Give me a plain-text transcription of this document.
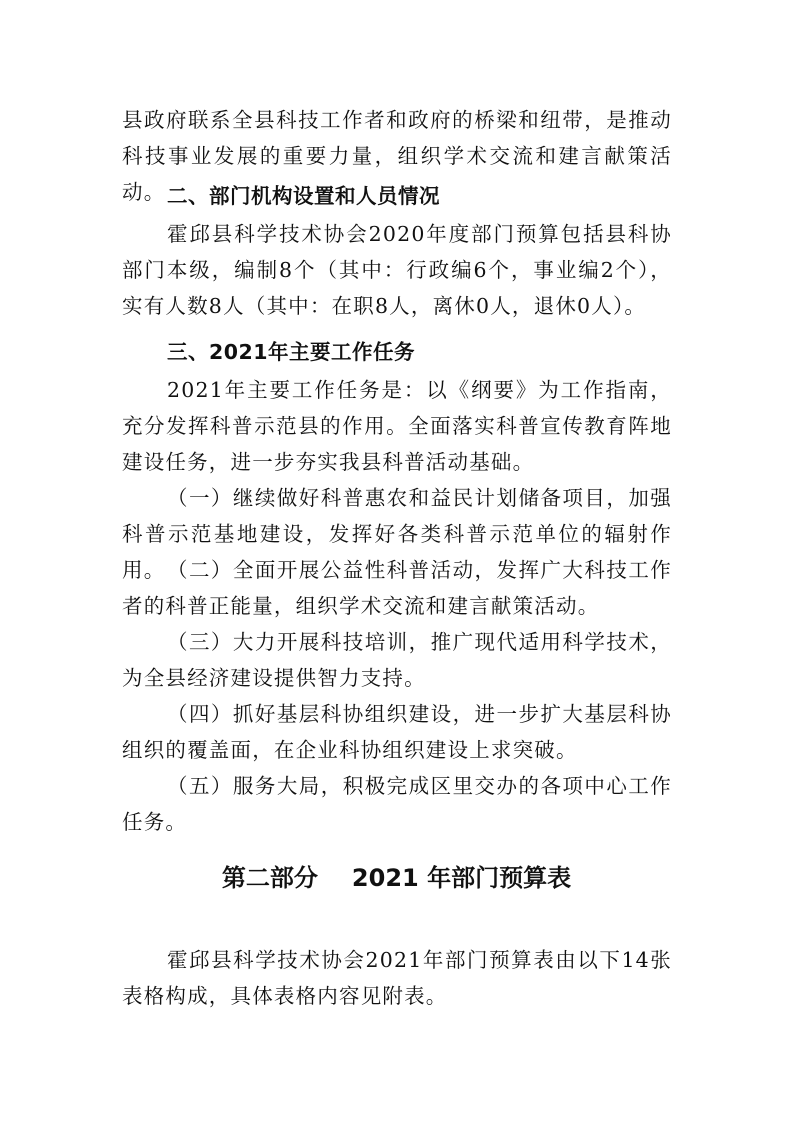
县政府联系全县科技工作者和政府的桥梁和纽带，是推动科技事业发展的重要力量，组织学术交流和建言献策活动。 二、部门机构设置和人员情况

霍邱县科学技术协会2020年度部门预算包括县科协部门本级，编制8个（其中：行政编6个，事业编2个），实有人数8人（其中：在职8人，离休0人，退休0人）。

三、2021年主要工作任务

2021年主要工作任务是：以《纲要》为工作指南，充分发挥科普示范县的作用。全面落实科普宣传教育阵地建设任务，进一步夯实我县科普活动基础。

（一）继续做好科普惠农和益民计划储备项目，加强科普示范基地建设，发挥好各类科普示范单位的辐射作用。 （二）全面开展公益性科普活动，发挥广大科技工作者的科普正能量，组织学术交流和建言献策活动。

（三）大力开展科技培训，推广现代适用科学技术，为全县经济建设提供智力支持。

（四）抓好基层科协组织建设，进一步扩大基层科协组织的覆盖面，在企业科协组织建设上求突破。

（五）服务大局，积极完成区里交办的各项中心工作任务。

第二部分 2021 年部门预算表

霍邱县科学技术协会2021年部门预算表由以下14张表格构成，具体表格内容见附表。
